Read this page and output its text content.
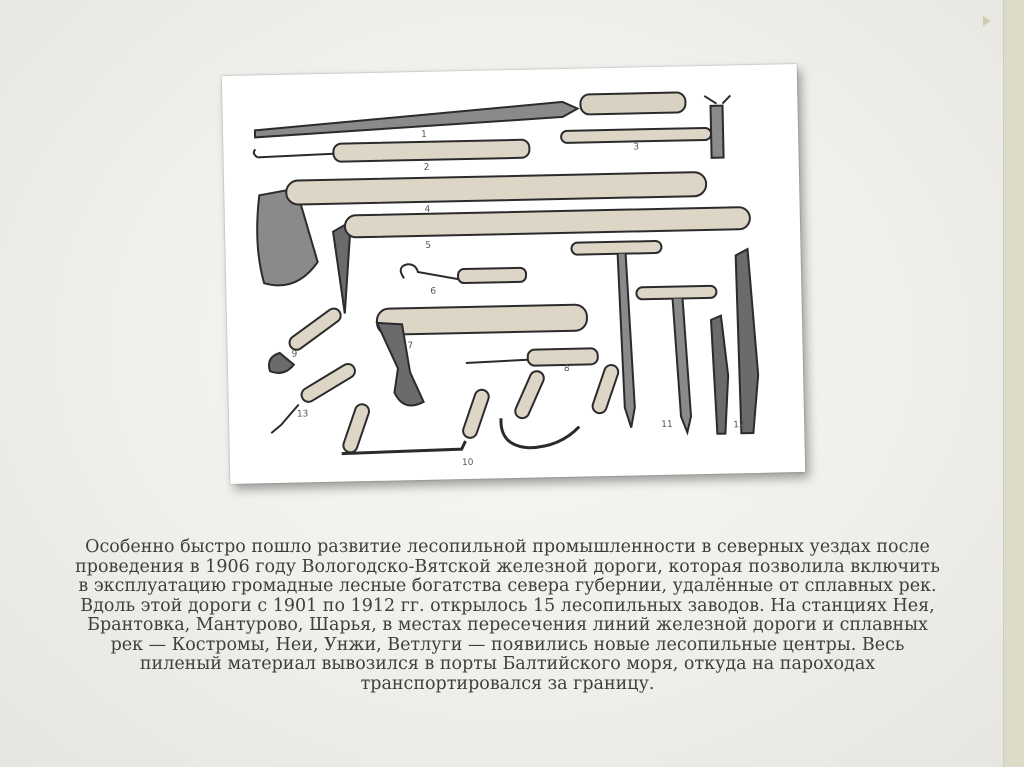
1
2
3
4
5
6
7
8
9
10
11	12
13
Особенно быстро пошло развитие лесопильной промышленности в северных уездах после проведения в 1906 году Вологодско-Вятской железной дороги, которая позволила включить в эксплуатацию громадные лесные богатства севера губернии, удалённые от сплавных рек. Вдоль этой дороги с 1901 по 1912 гг. открылось 15 лесопильных заводов. На станциях Нея, Брантовка, Мантурово, Шарья, в местах пересечения линий железной дороги и сплавных рек — Костромы, Неи, Унжи, Ветлуги — появились новые лесопильные центры. Весь пиленый материал вывозился в порты Балтийского моря, откуда на пароходах транспортировался за границу.
